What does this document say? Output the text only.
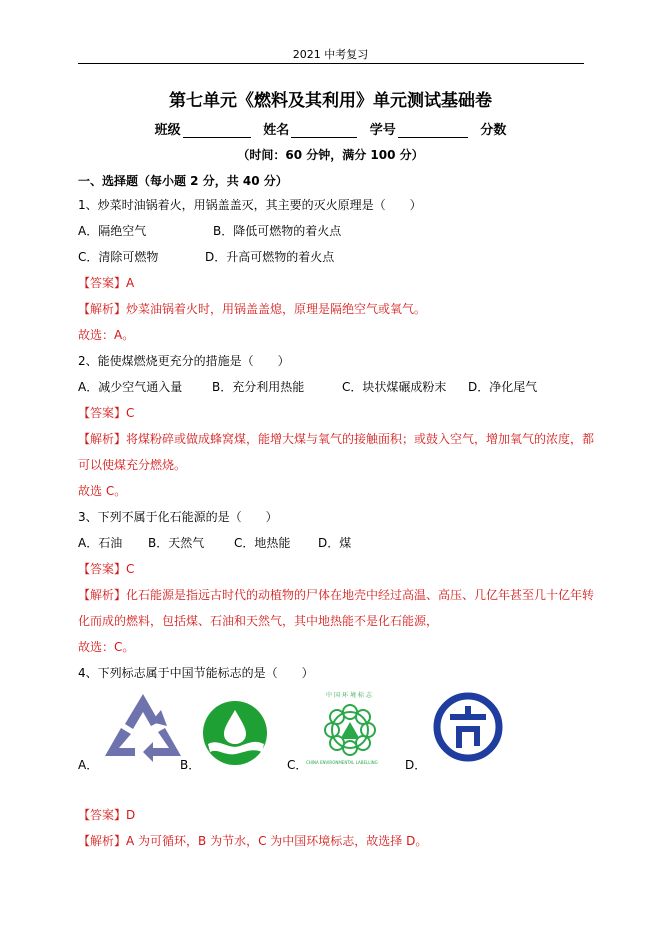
2021 中考复习
第七单元《燃料及其利用》单元测试基础卷
班级	姓名	学号	分数
（时间：60 分钟，满分 100 分）
一、选择题（每小题 2 分，共 40 分）
1、炒菜时油锅着火，用锅盖盖灭，其主要的灭火原理是（　　）
A．隔绝空气	B．降低可燃物的着火点
C．清除可燃物	D．升高可燃物的着火点
【答案】A
【解析】炒菜油锅着火时，用锅盖盖熄，原理是隔绝空气或氧气。
故选：A。
2、能使煤燃烧更充分的措施是（　　）
A．减少空气通入量 B．充分利用热能	C．块状煤碾成粉末 D．净化尾气
【答案】C
【解析】将煤粉碎或做成蜂窝煤，能增大煤与氧气的接触面积；或鼓入空气，增加氧气的浓度，都
可以使煤充分燃烧。
故选 C。
3、下列不属于化石能源的是（　　）
A．石油 B．天然气 C．地热能 D．煤
【答案】C
【解析】化石能源是指远古时代的动植物的尸体在地壳中经过高温、高压、几亿年甚至几十亿年转
化而成的燃料，包括煤、石油和天然气，其中地热能不是化石能源，
故选：C。
4、下列标志属于中国节能标志的是（　　）
A．	B．
中国环境标志
CHINA ENVIRONMENTAL LABELLING
C．	D．
【答案】D
【解析】A 为可循环，B 为节水，C 为中国环境标志，故选择 D。
